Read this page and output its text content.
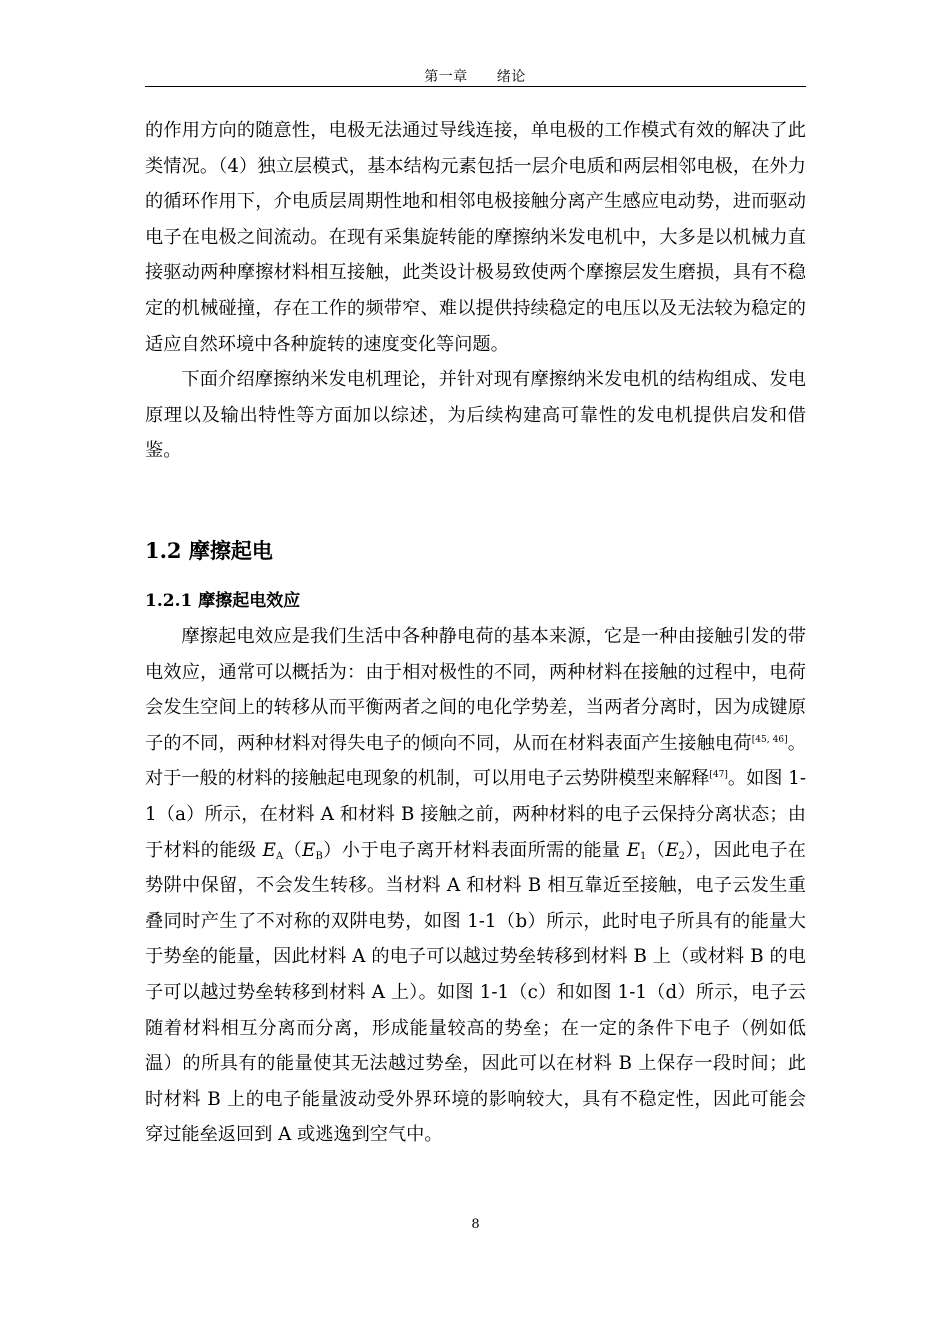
第一章 绪论

的作用方向的随意性，电极无法通过导线连接，单电极的工作模式有效的解决了此类情况。（4）独立层模式，基本结构元素包括一层介电质和两层相邻电极，在外力的循环作用下，介电质层周期性地和相邻电极接触分离产生感应电动势，进而驱动电子在电极之间流动。在现有采集旋转能的摩擦纳米发电机中，大多是以机械力直接驱动两种摩擦材料相互接触，此类设计极易致使两个摩擦层发生磨损，具有不稳定的机械碰撞，存在工作的频带窄、难以提供持续稳定的电压以及无法较为稳定的适应自然环境中各种旋转的速度变化等问题。

下面介绍摩擦纳米发电机理论，并针对现有摩擦纳米发电机的结构组成、发电原理以及输出特性等方面加以综述，为后续构建高可靠性的发电机提供启发和借鉴。

1.2 摩擦起电
1.2.1 摩擦起电效应

摩擦起电效应是我们生活中各种静电荷的基本来源，它是一种由接触引发的带电效应，通常可以概括为：由于相对极性的不同，两种材料在接触的过程中，电荷会发生空间上的转移从而平衡两者之间的电化学势差，当两者分离时，因为成键原子的不同，两种材料对得失电子的倾向不同，从而在材料表面产生接触电荷[45, 46]。对于一般的材料的接触起电现象的机制，可以用电子云势阱模型来解释[47]。如图 1-1（a）所示，在材料 A 和材料 B 接触之前，两种材料的电子云保持分离状态；由于材料的能级 $E_A(E_B)$小于电子离开材料表面所需的能量 $E_1(E_2)$，因此电子在势阱中保留，不会发生转移。当材料 A 和材料 B 相互靠近至接触，电子云发生重叠同时产生了不对称的双阱电势，如图 1-1（b）所示，此时电子所具有的能量大于势垒的能量，因此材料 A 的电子可以越过势垒转移到材料 B 上（或材料 B 的电子可以越过势垒转移到材料 A 上）。如图 1-1（c）和如图 1-1（d）所示，电子云随着材料相互分离而分离，形成能量较高的势垒；在一定的条件下电子（例如低温）的所具有的能量使其无法越过势垒，因此可以在材料 B 上保存一段时间；此时材料 B 上的电子能量波动受外界环境的影响较大，具有不稳定性，因此可能会穿过能垒返回到 A 或逃逸到空气中。

8
